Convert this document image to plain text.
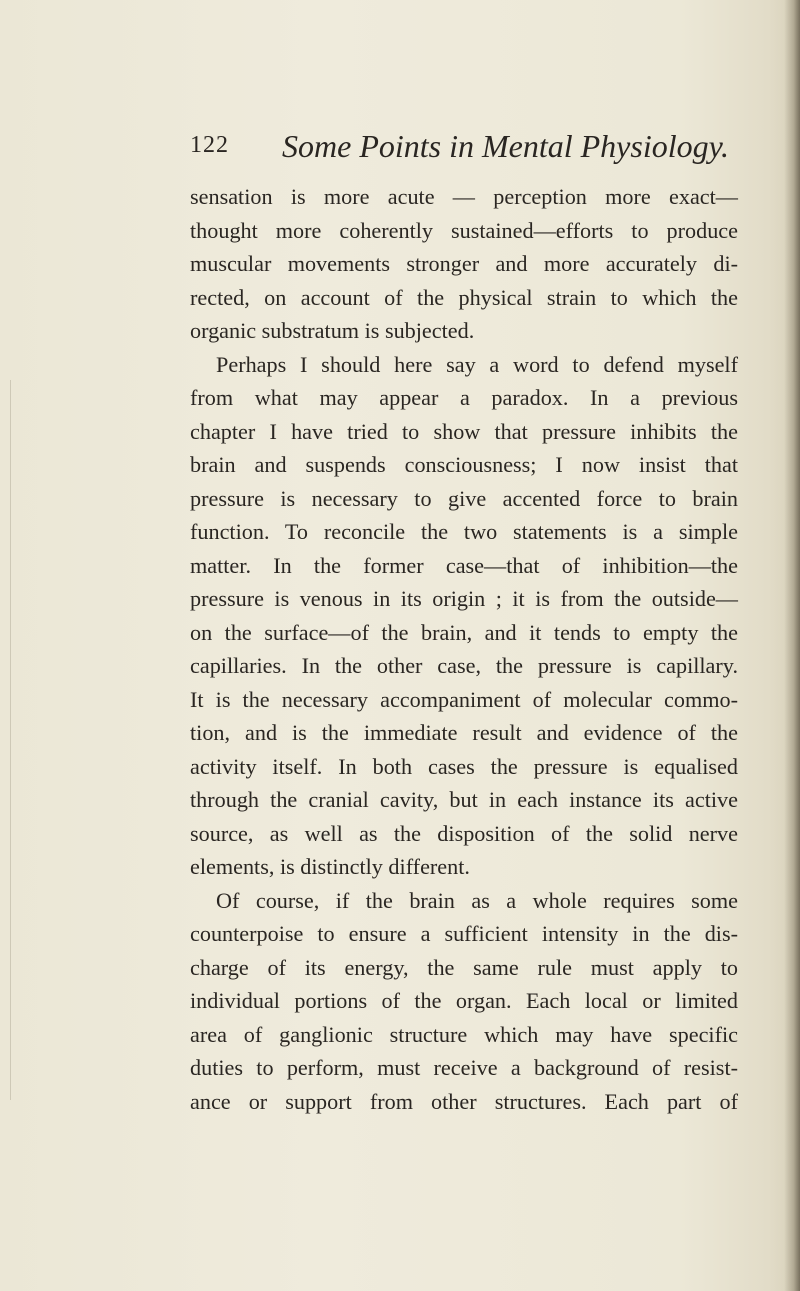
122 Some Points in Mental Physiology.
sensation is more acute — perception more exact—
thought more coherently sustained—efforts to produce
muscular movements stronger and more accurately di-
rected, on account of the physical strain to which the
organic substratum is subjected.
Perhaps I should here say a word to defend myself
from what may appear a paradox. In a previous
chapter I have tried to show that pressure inhibits the
brain and suspends consciousness; I now insist that
pressure is necessary to give accented force to brain
function. To reconcile the two statements is a simple
matter. In the former case—that of inhibition—the
pressure is venous in its origin ; it is from the outside—
on the surface—of the brain, and it tends to empty the
capillaries. In the other case, the pressure is capillary.
It is the necessary accompaniment of molecular commo-
tion, and is the immediate result and evidence of the
activity itself. In both cases the pressure is equalised
through the cranial cavity, but in each instance its active
source, as well as the disposition of the solid nerve
elements, is distinctly different.
Of course, if the brain as a whole requires some
counterpoise to ensure a sufficient intensity in the dis-
charge of its energy, the same rule must apply to
individual portions of the organ. Each local or limited
area of ganglionic structure which may have specific
duties to perform, must receive a background of resist-
ance or support from other structures. Each part of
